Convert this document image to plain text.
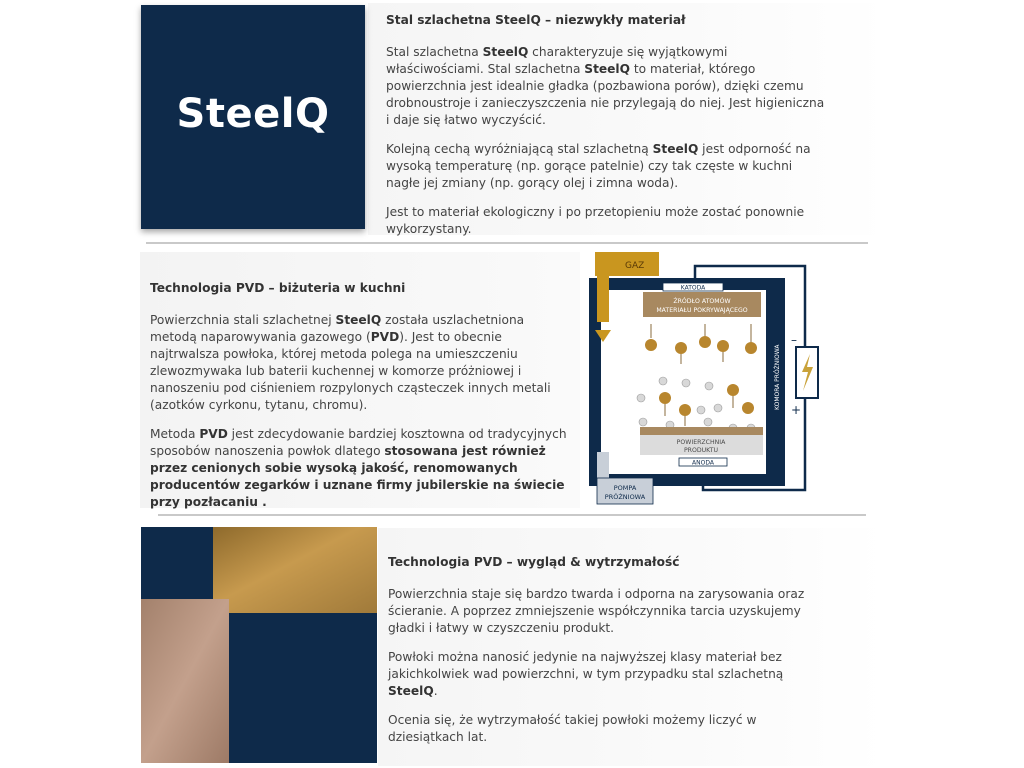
SteelQ
Stal szlachetna SteelQ – niezwykły materiał

Stal szlachetna SteelQ charakteryzuje się wyjątkowymi właściwościami. Stal szlachetna SteelQ to materiał, którego powierzchnia jest idealnie gładka (pozbawiona porów), dzięki czemu drobnoustroje i zanieczyszczenia nie przylegają do niej. Jest higieniczna i daje się łatwo wyczyścić.

Kolejną cechą wyróżniającą stal szlachetną SteelQ jest odporność na wysoką temperaturę (np. gorące patelnie) czy tak częste w kuchni nagłe jej zmiany (np. gorący olej i zimna woda).

Jest to materiał ekologiczny i po przetopieniu może zostać ponownie wykorzystany.

Technologia PVD – biżuteria w kuchni

Powierzchnia stali szlachetnej SteelQ została uszlachetniona metodą naparowywania gazowego (PVD). Jest to obecnie najtrwalsza powłoka, której metoda polega na umieszczeniu zlewozmywaka lub baterii kuchennej w komorze próżniowej i nanoszeniu pod ciśnieniem rozpylonych cząsteczek innych metali (azotków cyrkonu, tytanu, chromu).

Metoda PVD jest zdecydowanie bardziej kosztowna od tradycyjnych sposobów nanoszenia powłok dlatego stosowana jest również przez cenionych sobie wysoką jakość, renomowanych producentów zegarków i uznane firmy jubilerskie na świecie przy pozłacaniu .

–
+
KOMORA PRÓŻNIOWA
GAZ
KATODA
ŹRÓDŁO ATOMÓW
MATERIAŁU POKRYWAJĄCEGO
POWIERZCHNIA
PRODUKTU
ANODA
POMPA
PRÓŻNIOWA
Technologia PVD – wygląd & wytrzymałość

Powierzchnia staje się bardzo twarda i odporna na zarysowania oraz ścieranie. A poprzez zmniejszenie współczynnika tarcia uzyskujemy gładki i łatwy w czyszczeniu produkt.

Powłoki można nanosić jedynie na najwyższej klasy materiał bez jakichkolwiek wad powierzchni, w tym przypadku stal szlachetną SteelQ.

Ocenia się, że wytrzymałość takiej powłoki możemy liczyć w dziesiątkach lat.
